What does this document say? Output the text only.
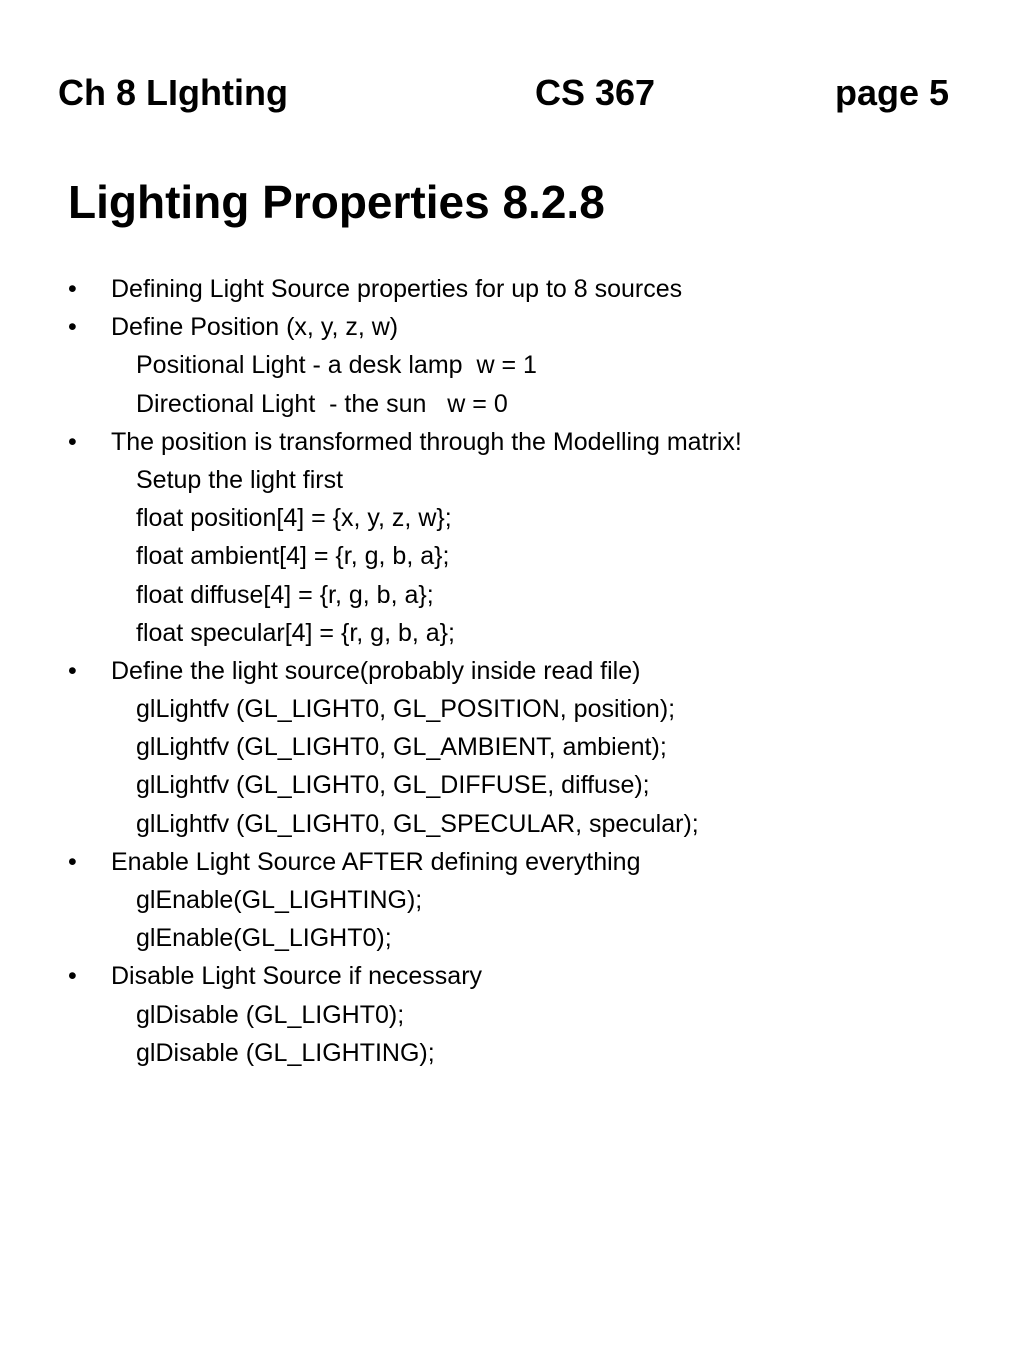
Ch 8 LIghting	CS 367	page 5
Lighting Properties 8.2.8
• Defining Light Source properties for up to 8 sources
• Define Position (x, y, z, w)
Positional Light - a desk lamp  w = 1
Directional Light  - the sun   w = 0
• The position is transformed through the Modelling matrix!
Setup the light first
float position[4] = {x, y, z, w};
float ambient[4] = {r, g, b, a};
float diffuse[4] = {r, g, b, a};
float specular[4] = {r, g, b, a};
• Define the light source(probably inside read file)
glLightfv (GL_LIGHT0, GL_POSITION, position);
glLightfv (GL_LIGHT0, GL_AMBIENT, ambient);
glLightfv (GL_LIGHT0, GL_DIFFUSE, diffuse);
glLightfv (GL_LIGHT0, GL_SPECULAR, specular);
• Enable Light Source AFTER defining everything
glEnable(GL_LIGHTING);
glEnable(GL_LIGHT0);
• Disable Light Source if necessary
glDisable (GL_LIGHT0);
glDisable (GL_LIGHTING);
